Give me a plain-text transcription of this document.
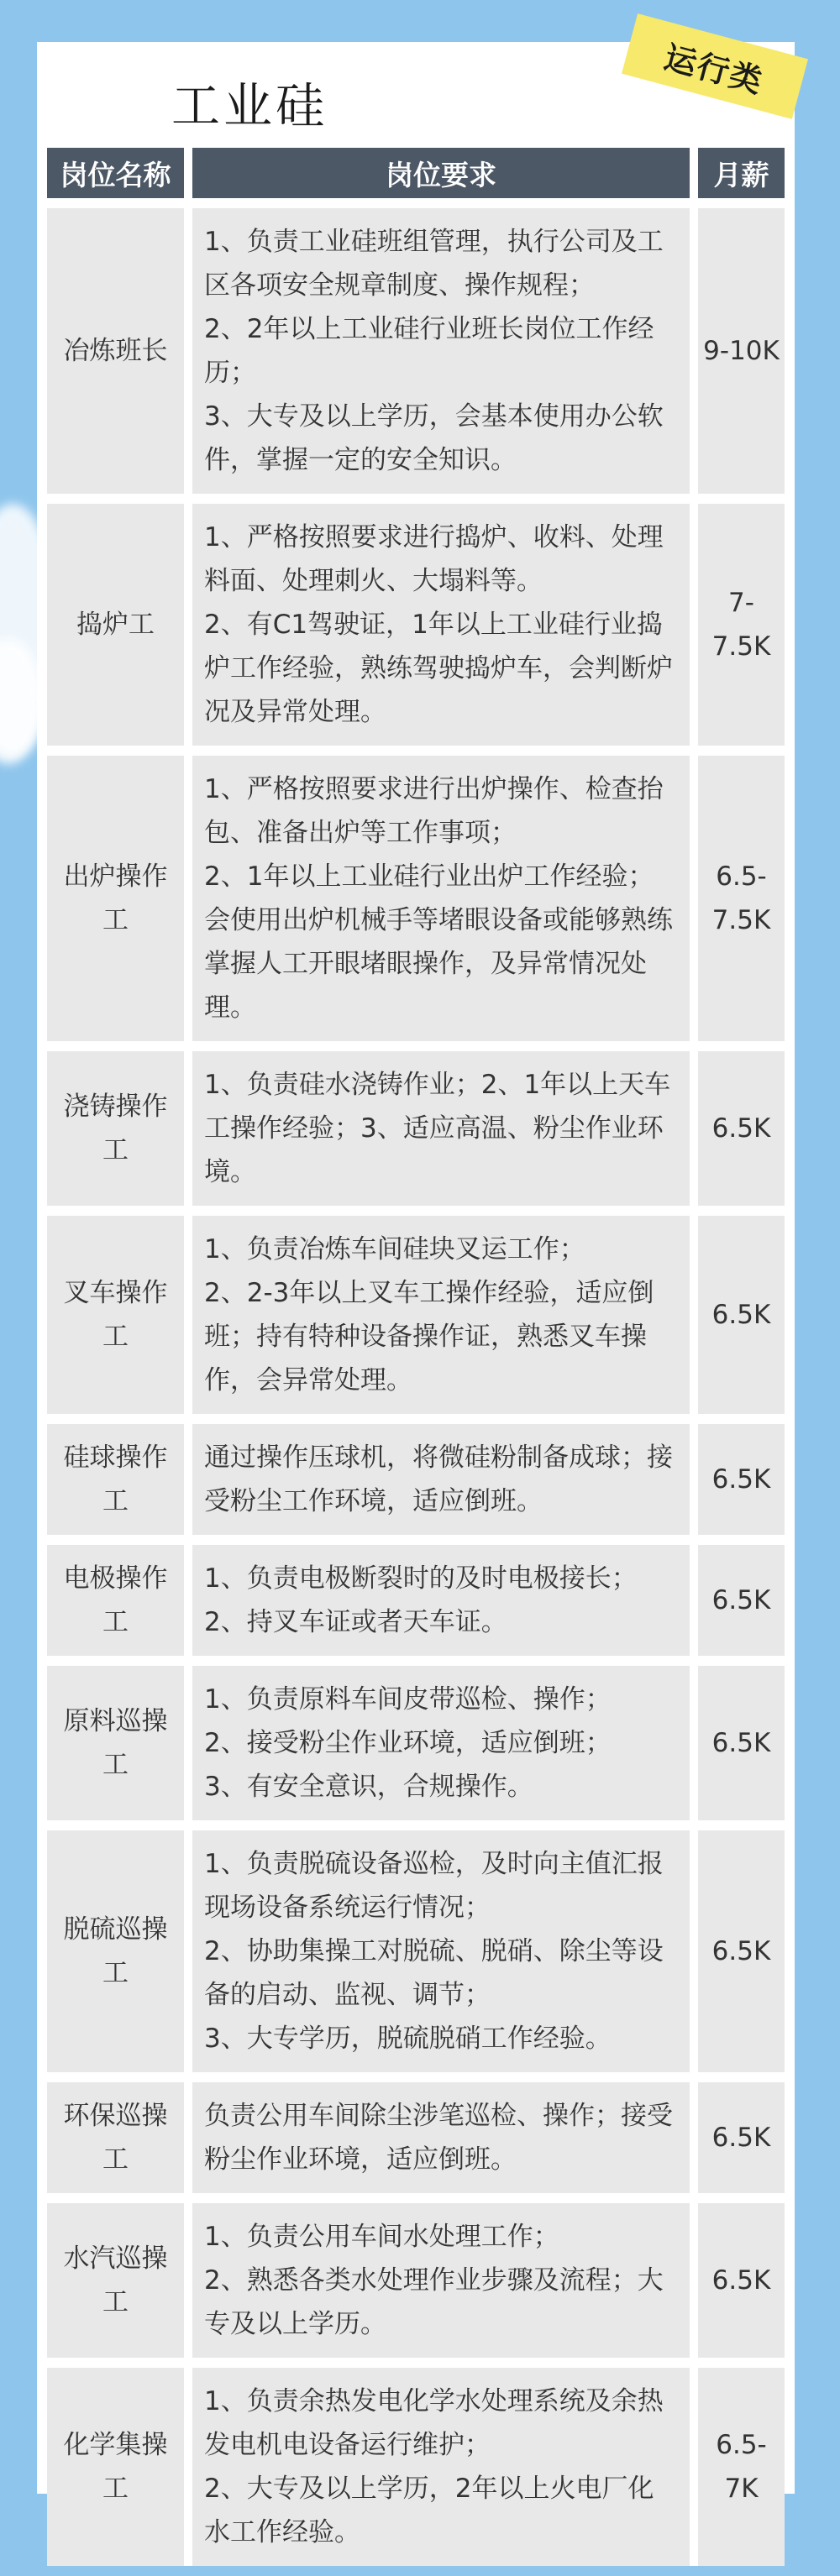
工业硅
运行类
岗位名称	岗位要求	月薪
冶炼班长	1、负责工业硅班组管理，执行公司及工区各项安全规章制度、操作规程；
2、2年以上工业硅行业班长岗位工作经历；
3、大专及以上学历，会基本使用办公软件，掌握一定的安全知识。	9-10K
捣炉工	1、严格按照要求进行捣炉、收料、处理料面、处理刺火、大塌料等。
2、有C1驾驶证，1年以上工业硅行业捣炉工作经验，熟练驾驶捣炉车，会判断炉况及异常处理。	7-7.5K
出炉操作工	1、严格按照要求进行出炉操作、检查抬包、准备出炉等工作事项；
2、1年以上工业硅行业出炉工作经验；会使用出炉机械手等堵眼设备或能够熟练掌握人工开眼堵眼操作，及异常情况处理。	6.5-7.5K
浇铸操作工	1、负责硅水浇铸作业；2、1年以上天车工操作经验；3、适应高温、粉尘作业环境。	6.5K
叉车操作工	1、负责冶炼车间硅块叉运工作；
2、2-3年以上叉车工操作经验，适应倒班；持有特种设备操作证，熟悉叉车操作，会异常处理。	6.5K
硅球操作工	通过操作压球机，将微硅粉制备成球；接受粉尘工作环境，适应倒班。	6.5K
电极操作工	1、负责电极断裂时的及时电极接长；2、持叉车证或者天车证。	6.5K
原料巡操工	1、负责原料车间皮带巡检、操作；
2、接受粉尘作业环境，适应倒班；
3、有安全意识，合规操作。	6.5K
脱硫巡操工	1、负责脱硫设备巡检，及时向主值汇报现场设备系统运行情况；
2、协助集操工对脱硫、脱硝、除尘等设备的启动、监视、调节；
3、大专学历，脱硫脱硝工作经验。	6.5K
环保巡操工	负责公用车间除尘涉笔巡检、操作；接受粉尘作业环境，适应倒班。	6.5K
水汽巡操工	1、负责公用车间水处理工作；
2、熟悉各类水处理作业步骤及流程；大专及以上学历。	6.5K
化学集操工	1、负责余热发电化学水处理系统及余热发电机电设备运行维护；
2、大专及以上学历，2年以上火电厂化水工作经验。	6.5-7K
